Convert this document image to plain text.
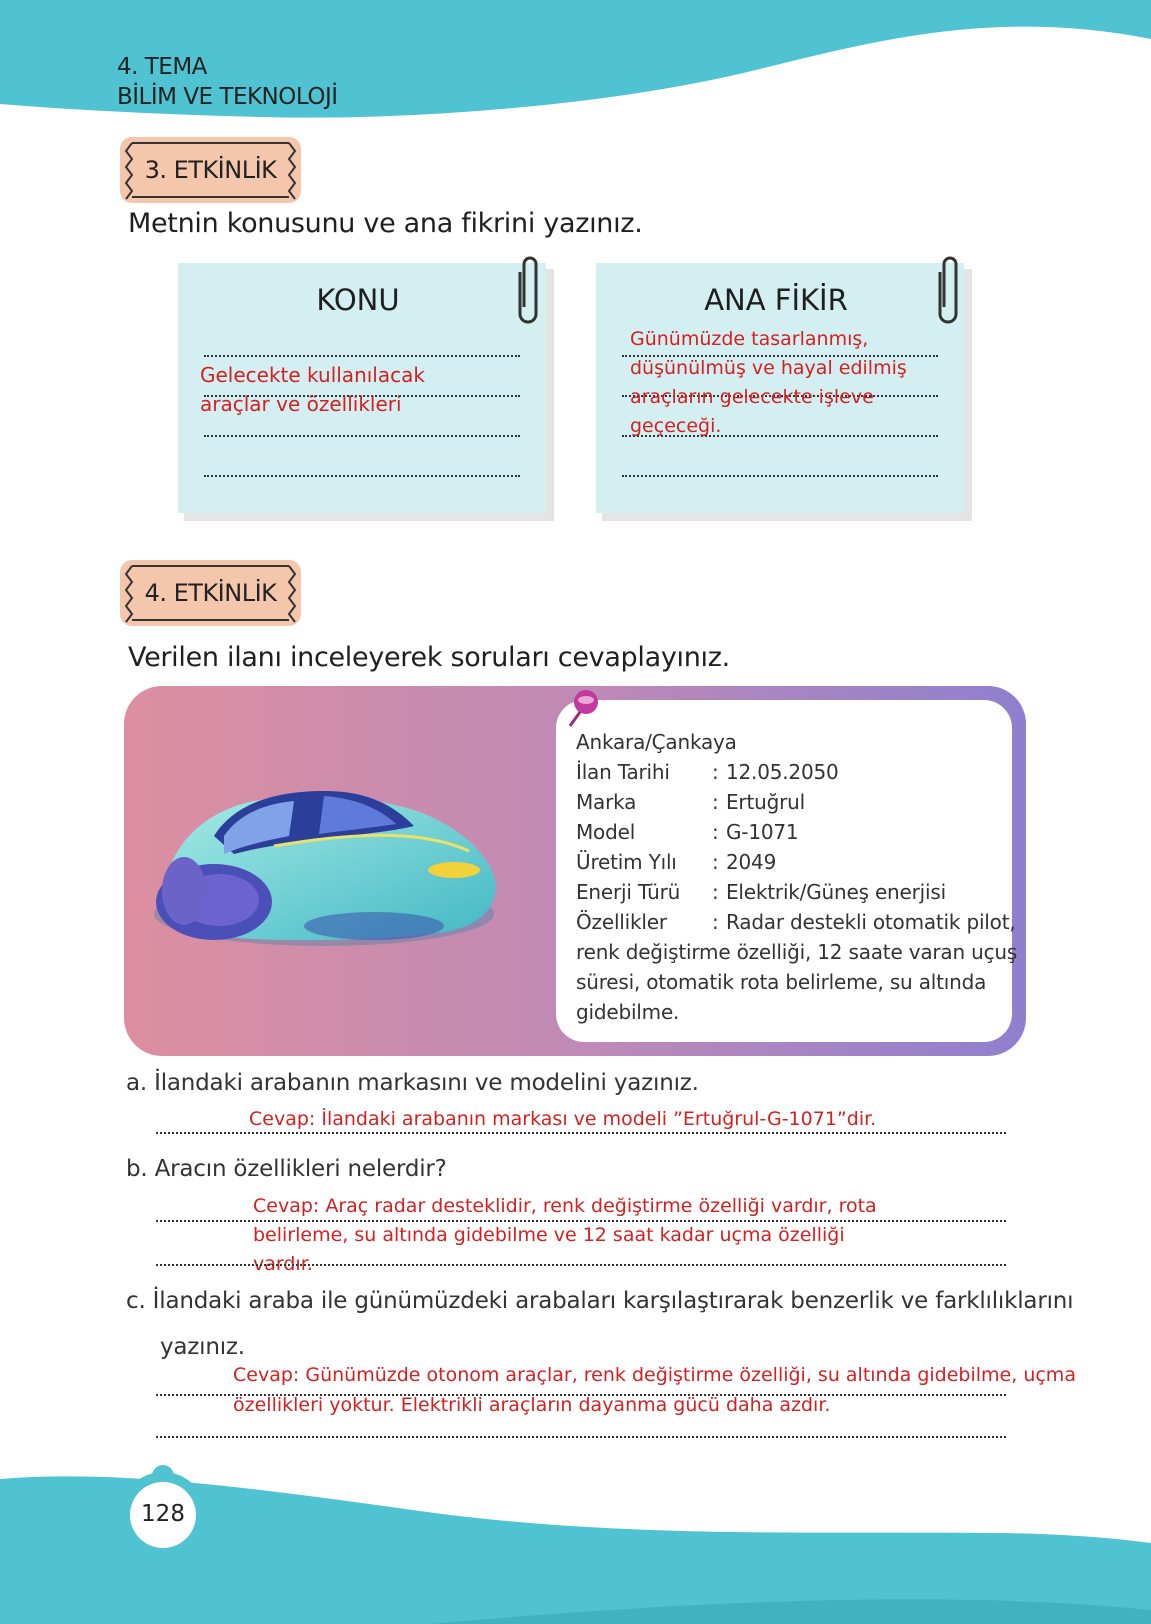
4. TEMA
BİLİM VE TEKNOLOJİ
3. ETKİNLİK
Metnin konusunu ve ana fikrini yazınız.
KONU
Gelecekte kullanılacak
araçlar ve özellikleri
ANA FİKİR
Günümüzde tasarlanmış,
düşünülmüş ve hayal edilmiş
araçların gelecekte işleve
geçeceği.
4. ETKİNLİK
Verilen ilanı inceleyerek soruları cevaplayınız.
Ankara/Çankaya
İlan Tarihi : 12.05.2050
Marka	: Ertuğrul
Model	: G-1071
Üretim Yılı : 2049
Enerji Türü : Elektrik/Güneş enerjisi
Özellikler : Radar destekli otomatik pilot,
renk değiştirme özelliği, 12 saate varan uçuş
süresi, otomatik rota belirleme, su altında
gidebilme.
a. İlandaki arabanın markasını ve modelini yazınız.
Cevap: İlandaki arabanın markası ve modeli ”Ertuğrul-G-1071”dir.
b. Aracın özellikleri nelerdir?
Cevap: Araç radar desteklidir, renk değiştirme özelliği vardır, rota
belirleme, su altında gidebilme ve 12 saat kadar uçma özelliği
vardır.
c. İlandaki araba ile günümüzdeki arabaları karşılaştırarak benzerlik ve farklılıklarını
yazınız.
Cevap: Günümüzde otonom araçlar, renk değiştirme özelliği, su altında gidebilme, uçma
özellikleri yoktur. Elektrikli araçların dayanma gücü daha azdır.
128
